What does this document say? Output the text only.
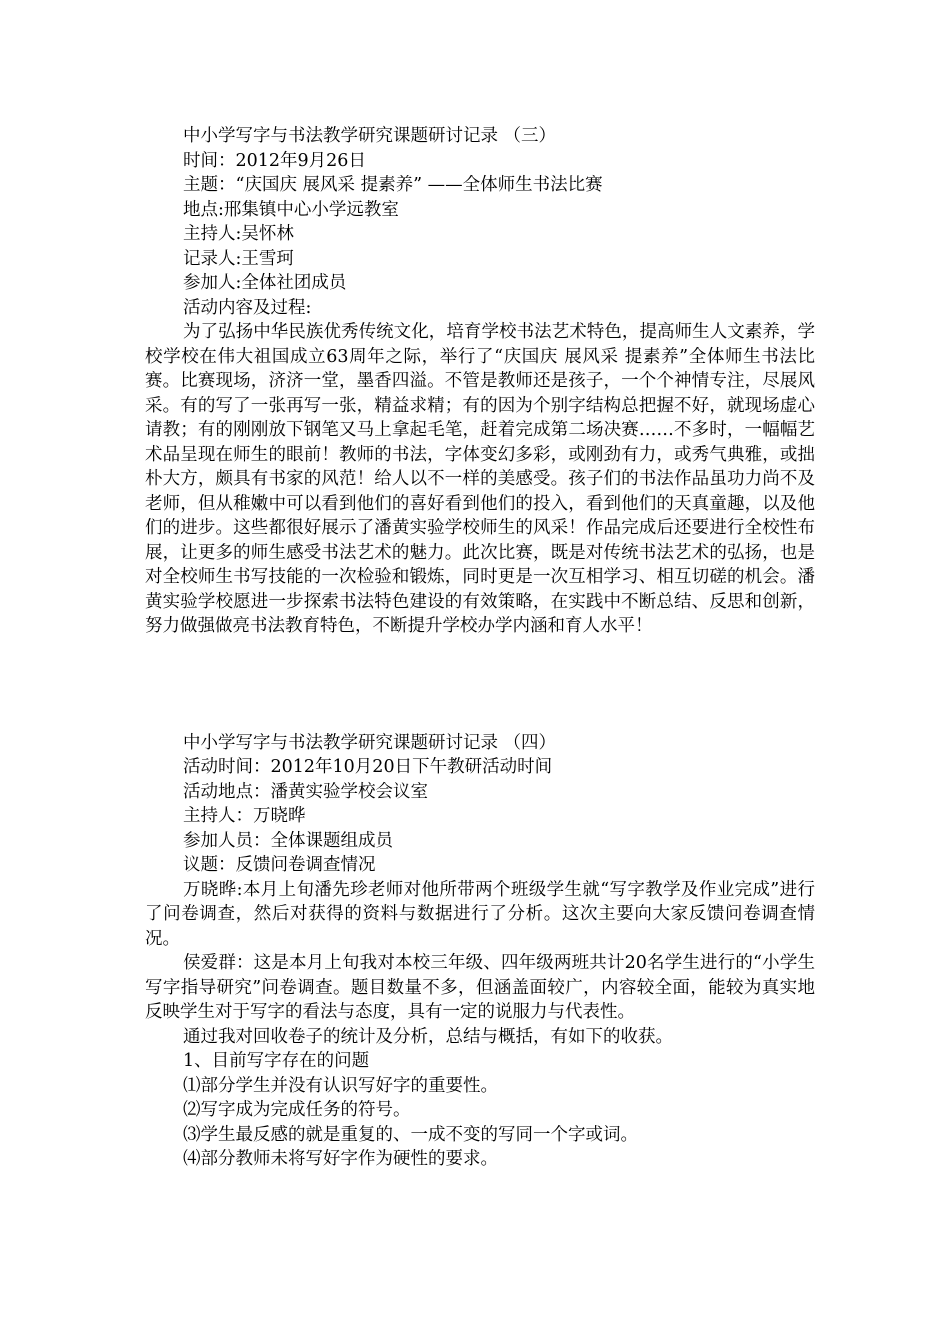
中小学写字与书法教学研究课题研讨记录 （三）

时间：2012年9月26日

主题：“庆国庆 展风采 提素养” ——全体师生书法比赛

地点:邢集镇中心小学远教室

主持人:吴怀林

记录人:王雪珂

参加人:全体社团成员

活动内容及过程:

为了弘扬中华民族优秀传统文化，培育学校书法艺术特色，提高师生人文素养，学校学校在伟大祖国成立63周年之际，举行了“庆国庆 展风采 提素养”全体师生书法比赛。比赛现场，济济一堂，墨香四溢。不管是教师还是孩子，一个个神情专注，尽展风采。有的写了一张再写一张，精益求精；有的因为个别字结构总把握不好，就现场虚心请教；有的刚刚放下钢笔又马上拿起毛笔，赶着完成第二场决赛……不多时，一幅幅艺术品呈现在师生的眼前！教师的书法，字体变幻多彩，或刚劲有力，或秀气典雅，或拙朴大方，颇具有书家的风范！给人以不一样的美感受。孩子们的书法作品虽功力尚不及老师，但从稚嫩中可以看到他们的喜好看到他们的投入，看到他们的天真童趣，以及他们的进步。这些都很好展示了潘黄实验学校师生的风采！作品完成后还要进行全校性布展，让更多的师生感受书法艺术的魅力。此次比赛，既是对传统书法艺术的弘扬，也是对全校师生书写技能的一次检验和锻炼，同时更是一次互相学习、相互切磋的机会。潘黄实验学校愿进一步探索书法特色建设的有效策略，在实践中不断总结、反思和创新，努力做强做亮书法教育特色，不断提升学校办学内涵和育人水平！

中小学写字与书法教学研究课题研讨记录 （四）

活动时间：2012年10月20日下午教研活动时间

活动地点：潘黄实验学校会议室

主持人：万晓晔

参加人员：全体课题组成员

议题：反馈问卷调查情况

万晓晔:本月上旬潘先珍老师对他所带两个班级学生就“写字教学及作业完成”进行了问卷调查，然后对获得的资料与数据进行了分析。这次主要向大家反馈问卷调查情况。

侯爱群：这是本月上旬我对本校三年级、四年级两班共计20名学生进行的“小学生写字指导研究”问卷调查。题目数量不多，但涵盖面较广，内容较全面，能较为真实地反映学生对于写字的看法与态度，具有一定的说服力与代表性。

通过我对回收卷子的统计及分析，总结与概括，有如下的收获。

1、目前写字存在的问题

⑴部分学生并没有认识写好字的重要性。

⑵写字成为完成任务的符号。

⑶学生最反感的就是重复的、一成不变的写同一个字或词。

⑷部分教师未将写好字作为硬性的要求。
